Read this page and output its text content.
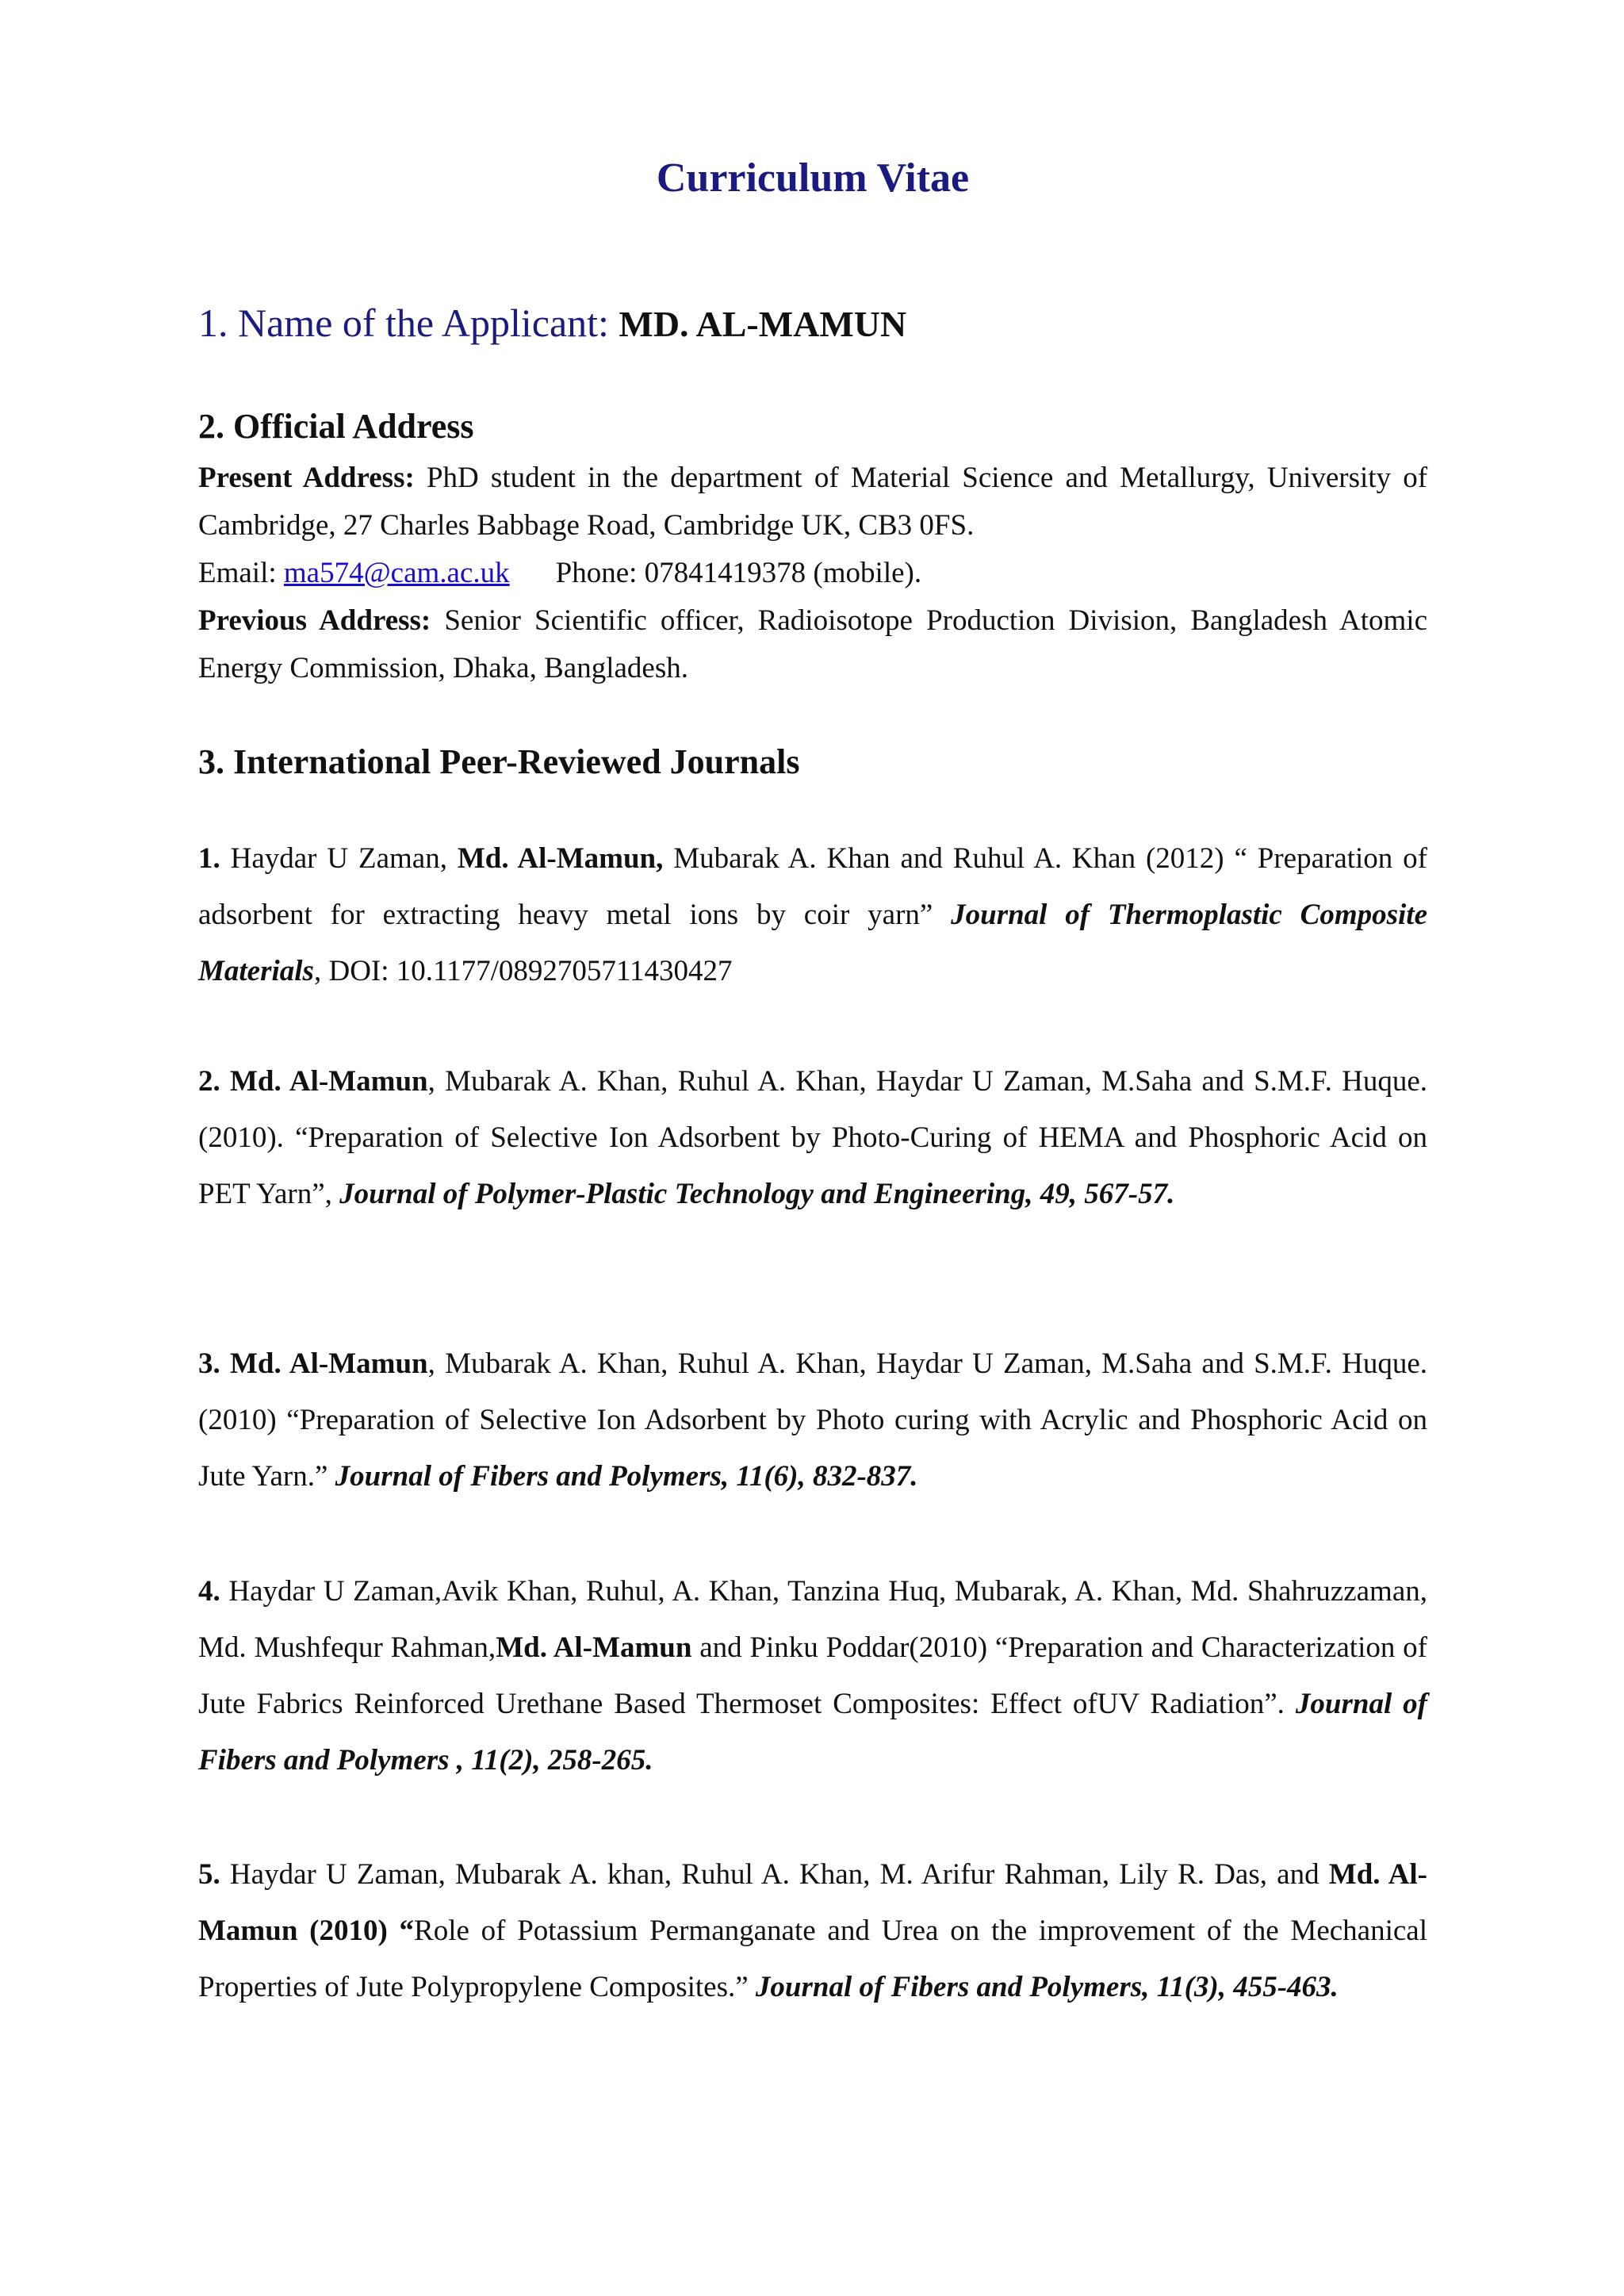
Curriculum Vitae

1. Name of the Applicant: MD. AL-MAMUN

2. Official Address
Present Address: PhD student in the department of Material Science and Metallurgy, University of Cambridge, 27 Charles Babbage Road, Cambridge UK, CB3 0FS.
Email: ma574@cam.ac.uk Phone: 07841419378 (mobile).
Previous Address: Senior Scientific officer, Radioisotope Production Division, Bangladesh Atomic Energy Commission, Dhaka, Bangladesh.
3. International Peer-Reviewed Journals

1. Haydar U Zaman, Md. Al-Mamun, Mubarak A. Khan and Ruhul A. Khan (2012) “ Preparation of adsorbent for extracting heavy metal ions by coir yarn” Journal of Thermoplastic Composite Materials, DOI: 10.1177/0892705711430427

2. Md. Al-Mamun, Mubarak A. Khan, Ruhul A. Khan, Haydar U Zaman, M.Saha and S.M.F. Huque. (2010). “Preparation of Selective Ion Adsorbent by Photo-Curing of HEMA and Phosphoric Acid on PET Yarn”, Journal of Polymer-Plastic Technology and Engineering, 49, 567-57.

3. Md. Al-Mamun, Mubarak A. Khan, Ruhul A. Khan, Haydar U Zaman, M.Saha and S.M.F. Huque. (2010) “Preparation of Selective Ion Adsorbent by Photo curing with Acrylic and Phosphoric Acid on Jute Yarn.” Journal of Fibers and Polymers, 11(6), 832-837.

4. Haydar U Zaman,Avik Khan, Ruhul, A. Khan, Tanzina Huq, Mubarak, A. Khan, Md. Shahruzzaman, Md. Mushfequr Rahman,Md. Al-Mamun and Pinku Poddar(2010) “Preparation and Characterization of Jute Fabrics Reinforced Urethane Based Thermoset Composites: Effect ofUV Radiation”. Journal of Fibers and Polymers , 11(2), 258-265.

5. Haydar U Zaman, Mubarak A. khan, Ruhul A. Khan, M. Arifur Rahman, Lily R. Das, and Md. Al-Mamun (2010) “Role of Potassium Permanganate and Urea on the improvement of the Mechanical Properties of Jute Polypropylene Composites.” Journal of Fibers and Polymers, 11(3), 455-463.
